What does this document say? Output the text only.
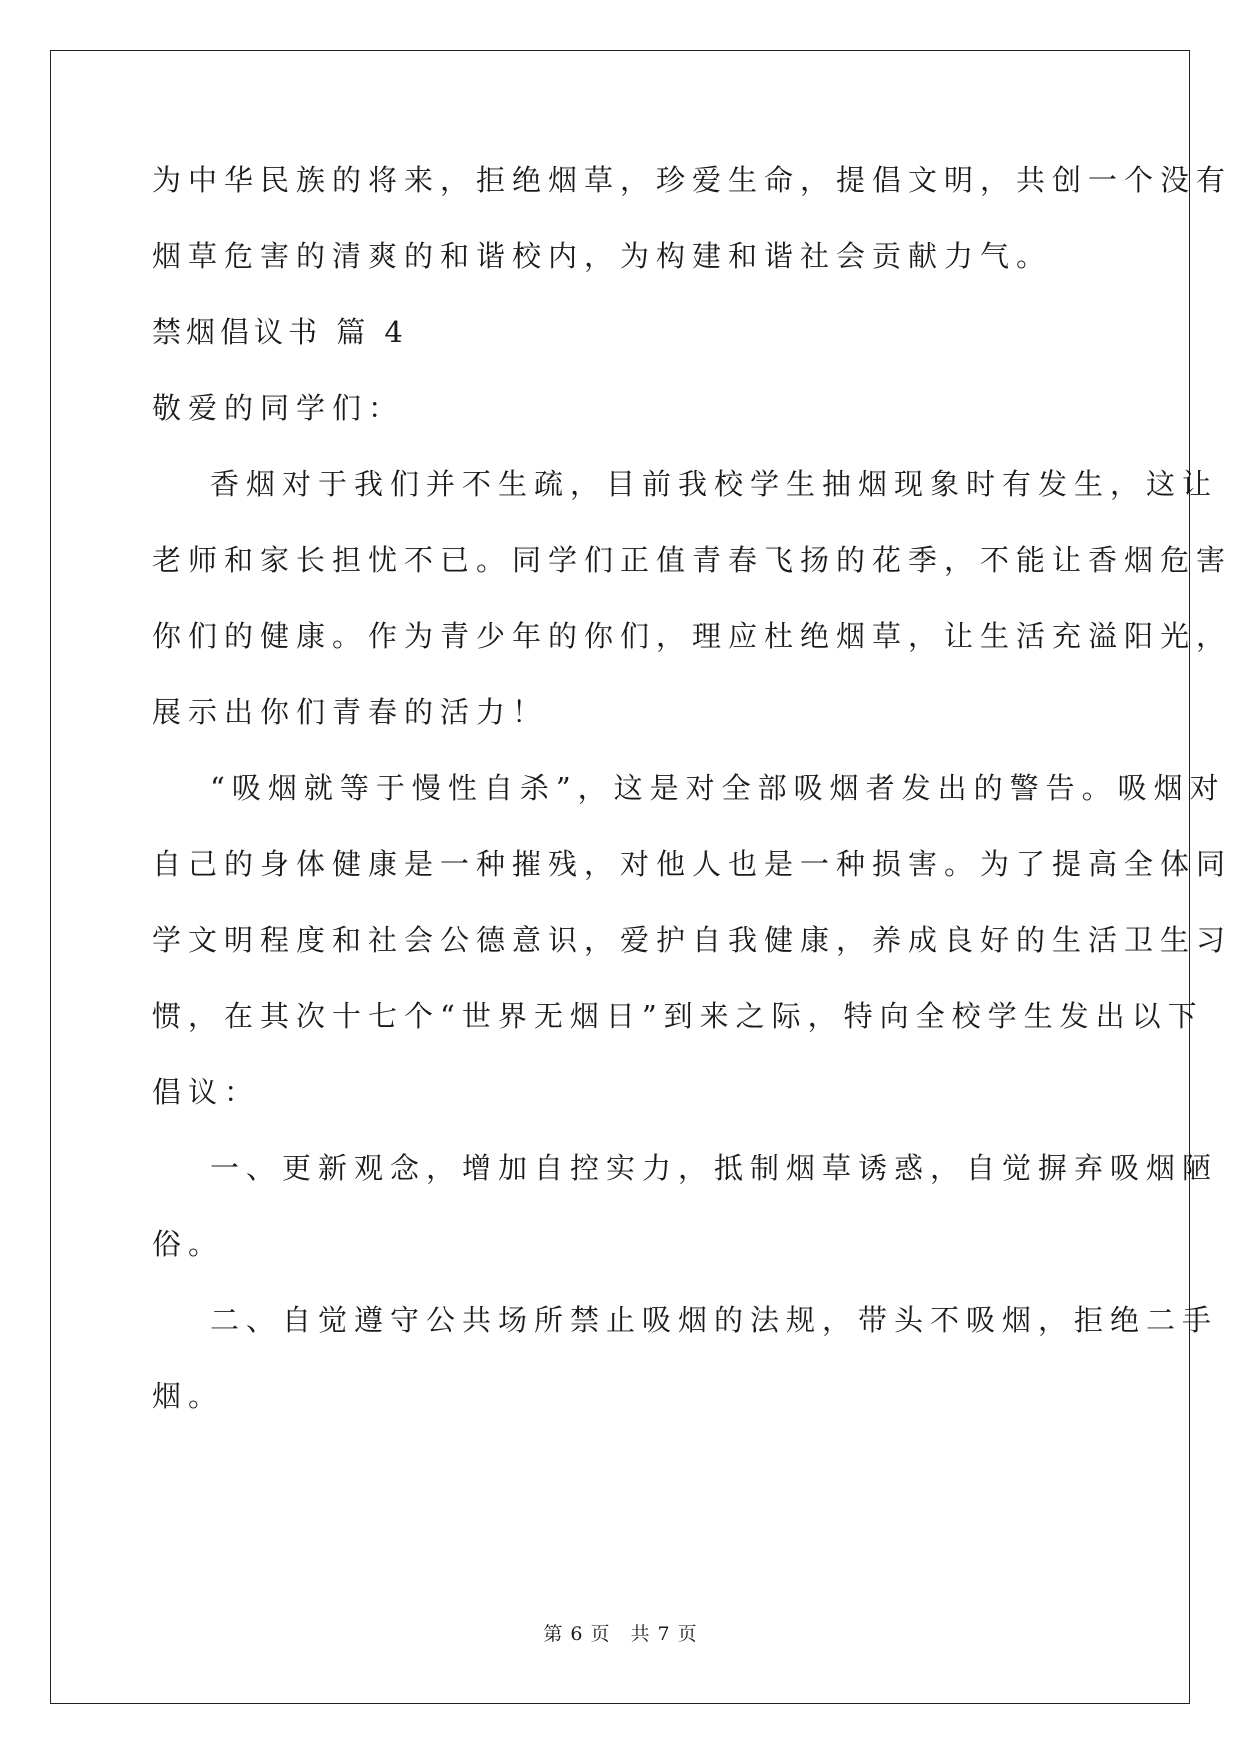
为中华民族的将来，拒绝烟草，珍爱生命，提倡文明，共创一个没有
烟草危害的清爽的和谐校内，为构建和谐社会贡献力气。
禁烟倡议书 篇 4
敬爱的同学们：
香烟对于我们并不生疏，目前我校学生抽烟现象时有发生，这让
老师和家长担忧不已。同学们正值青春飞扬的花季，不能让香烟危害
你们的健康。作为青少年的你们，理应杜绝烟草，让生活充溢阳光，
展示出你们青春的活力！
“吸烟就等于慢性自杀”，这是对全部吸烟者发出的警告。吸烟对
自己的身体健康是一种摧残，对他人也是一种损害。为了提高全体同
学文明程度和社会公德意识，爱护自我健康，养成良好的生活卫生习
惯，在其次十七个“世界无烟日”到来之际，特向全校学生发出以下
倡议：
一、更新观念，增加自控实力，抵制烟草诱惑，自觉摒弃吸烟陋
俗。
二、自觉遵守公共场所禁止吸烟的法规，带头不吸烟，拒绝二手
烟。
第 6 页 共 7 页
